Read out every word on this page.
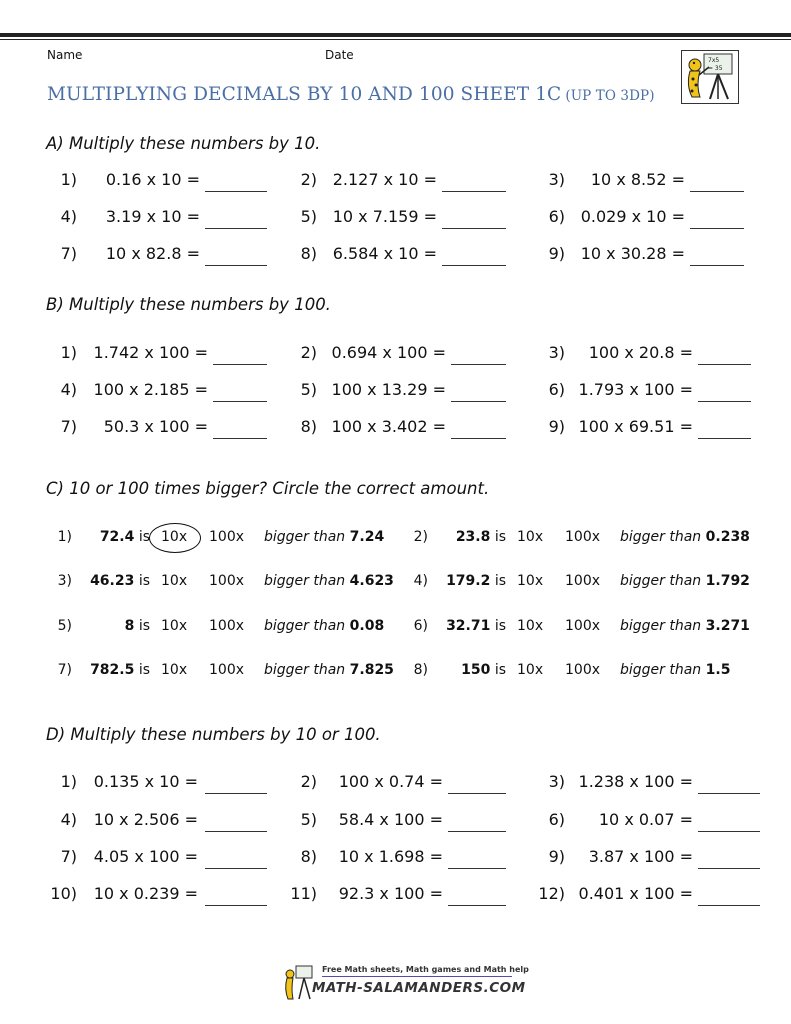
Name	Date
MULTIPLYING DECIMALS BY 10 AND 100 SHEET 1C (UP TO 3DP)
7x5
= 35
A) Multiply these numbers by 10.
1)	0.16 x 10 =	2) 2.127 x 10 =	3)	10 x 8.52 =
4)	3.19 x 10 =	5) 10 x 7.159 =	6) 0.029 x 10 =
7)	10 x 82.8 =	8) 6.584 x 10 =	9) 10 x 30.28 =
B) Multiply these numbers by 100.
1)	1.742 x 100 =	2) 0.694 x 100 =	3)	100 x 20.8 =
4)	100 x 2.185 =	5) 100 x 13.29 =	6) 1.793 x 100 =
7)	50.3 x 100 =	8) 100 x 3.402 =	9) 100 x 69.51 =
C) 10 or 100 times bigger? Circle the correct amount.
1)	72.4 is 10x 100x bigger than 7.24	2)	23.8 is 10x 100x bigger than 0.238
3)	46.23 is 10x 100x bigger than 4.623	4)	179.2 is 10x 100x bigger than 1.792
5)	8 is 10x 100x bigger than 0.08	6)	32.71 is 10x 100x bigger than 3.271
7)	782.5 is 10x 100x bigger than 7.825	8)	150 is 10x 100x bigger than 1.5
D) Multiply these numbers by 10 or 100.
1)	0.135 x 10 =	2)	100 x 0.74 =	3) 1.238 x 100 =
4)	10 x 2.506 =	5)	58.4 x 100 =	6)	10 x 0.07 =
7)	4.05 x 100 =	8)	10 x 1.698 =	9)	3.87 x 100 =
10)	10 x 0.239 =	11)	92.3 x 100 =	12) 0.401 x 100 =
Free Math sheets, Math games and Math help
MATH-SALAMANDERS.COM
